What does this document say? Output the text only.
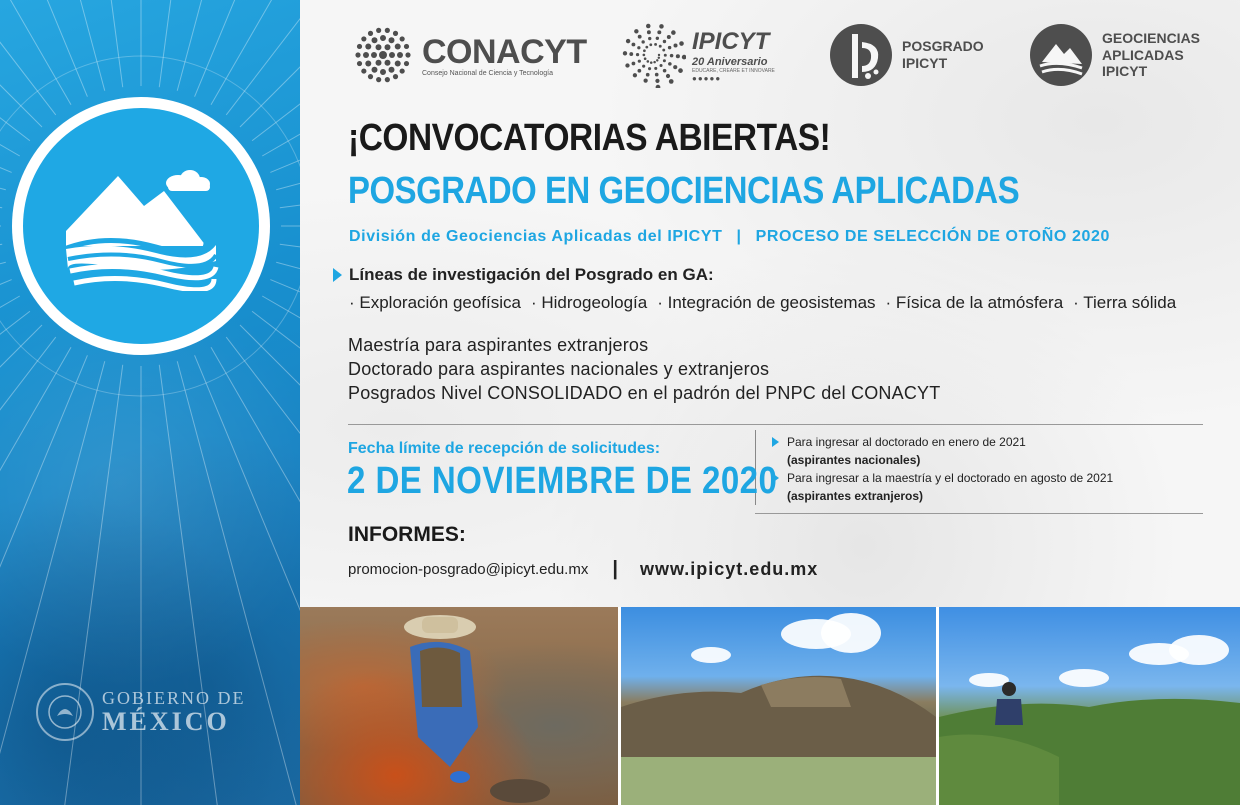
GOBIERNO DE
MÉXICO
CONACYT
Consejo Nacional de Ciencia y Tecnología
IPICYT
20 Aniversario
EDUCARE, CREARE ET INNOVARE
●●●●●
POSGRADO
IPICYT
GEOCIENCIAS
APLICADAS
IPICYT
¡CONVOCATORIAS ABIERTAS!
POSGRADO EN GEOCIENCIAS APLICADAS
División de Geociencias Aplicadas del IPICYT | PROCESO DE SELECCIÓN DE OTOÑO 2020
Líneas de investigación del Posgrado en GA:
· Exploración geofísica	· Hidrogeología	· Integración de geosistemas	· Física de la atmósfera	· Tierra sólida
Maestría para aspirantes extranjeros
Doctorado para aspirantes nacionales y extranjeros
Posgrados Nivel CONSOLIDADO en el padrón del PNPC del CONACYT
Fecha límite de recepción de solicitudes:
2 DE NOVIEMBRE DE 2020
Para ingresar al doctorado en enero de 2021
(aspirantes nacionales)
Para ingresar a la maestría y el doctorado en agosto de 2021
(aspirantes extranjeros)
INFORMES:
promocion-posgrado@ipicyt.edu.mx | www.ipicyt.edu.mx
